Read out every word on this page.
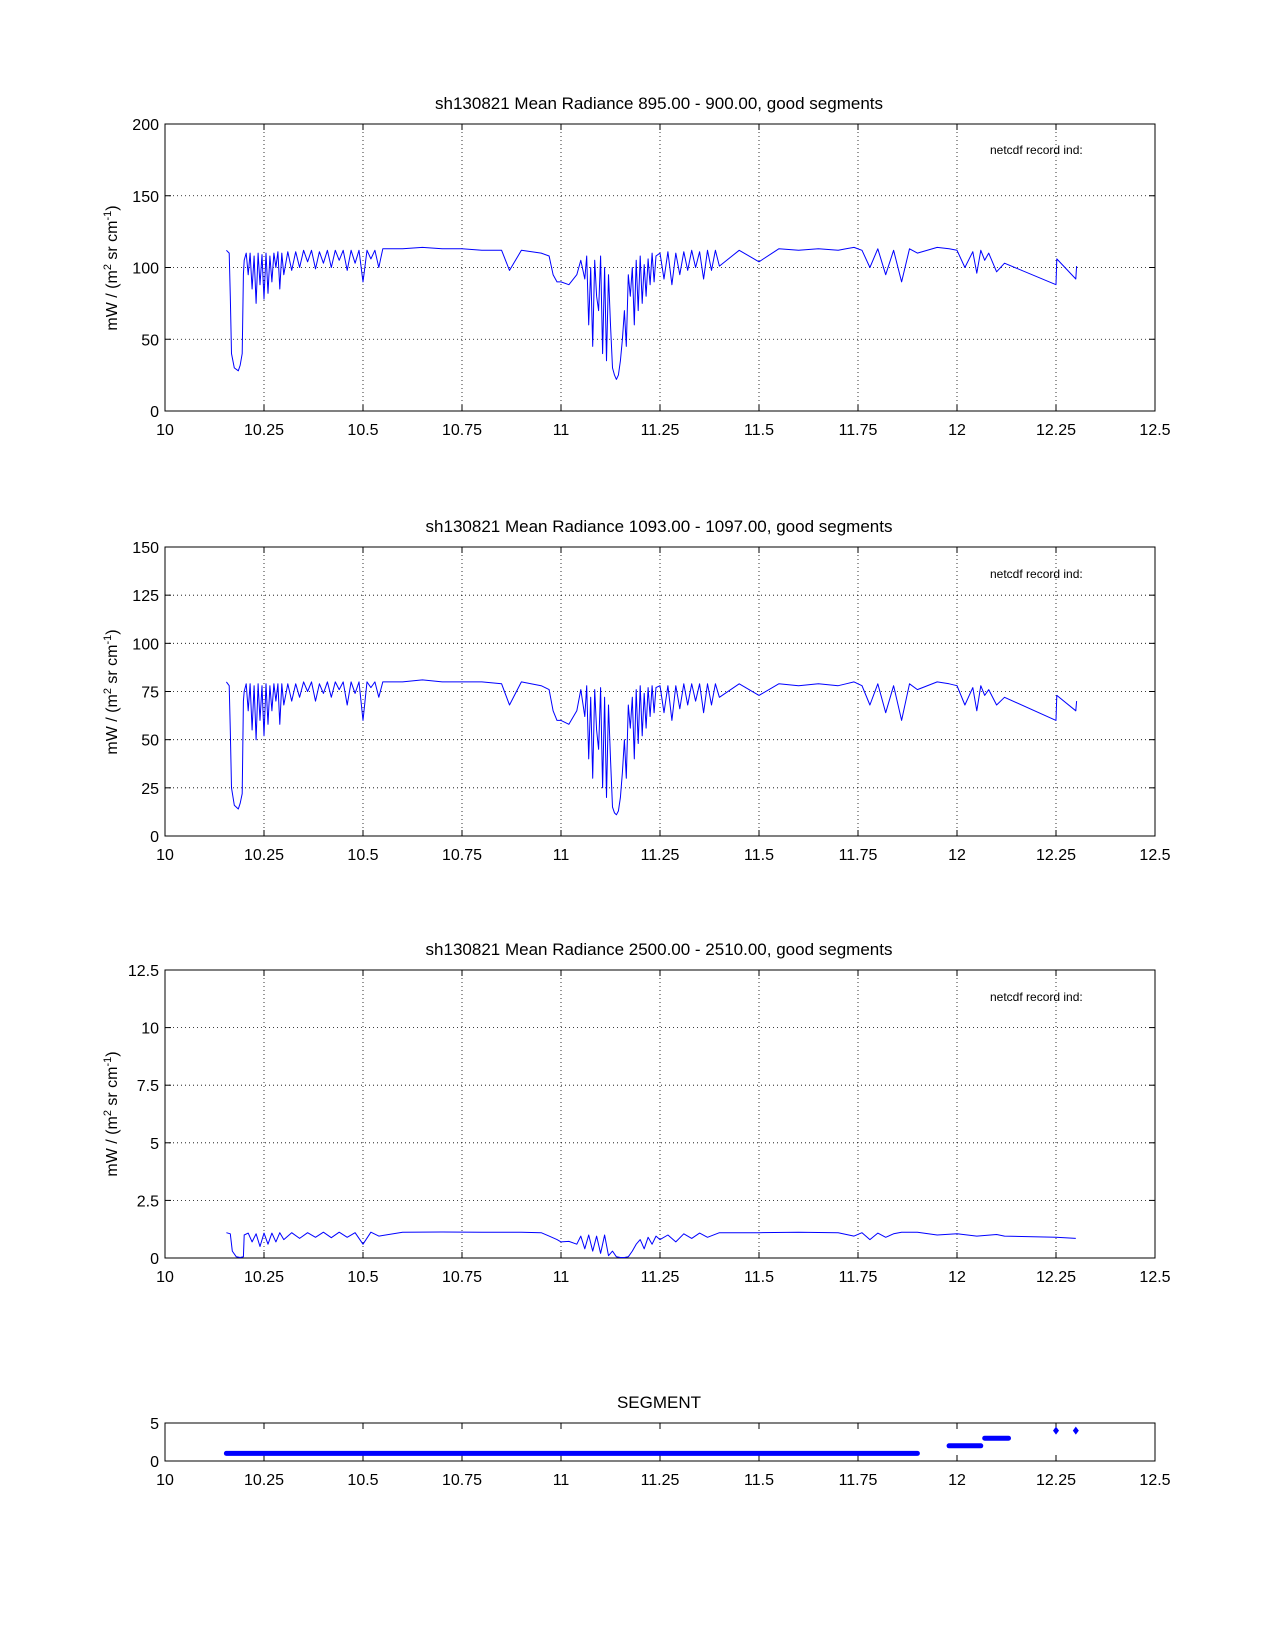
sh130821 Mean Radiance 895.00 - 900.00, good segments
netcdf record ind:
mW / ($m^2$ sr $cm^{-1}$)
10	10.25	10.5	10.75	11	11.25	11.5	11.75	12	12.25	12.5
0
50
100
150
200
sh130821 Mean Radiance 1093.00 - 1097.00, good segments
netcdf record ind:
mW / ($m^2$ sr $cm^{-1}$)
10	10.25	10.5	10.75	11	11.25	11.5	11.75	12	12.25	12.5
0
25
50
75
100
125
150
sh130821 Mean Radiance 2500.00 - 2510.00, good segments
netcdf record ind:
mW / ($m^2$ sr $cm^{-1}$)
10	10.25	10.5	10.75	11	11.25	11.5	11.75	12	12.25	12.5
0
2.5
5
7.5
10
12.5
SEGMENT
10	10.25	10.5	10.75	11	11.25	11.5	11.75	12	12.25	12.5
0
5
